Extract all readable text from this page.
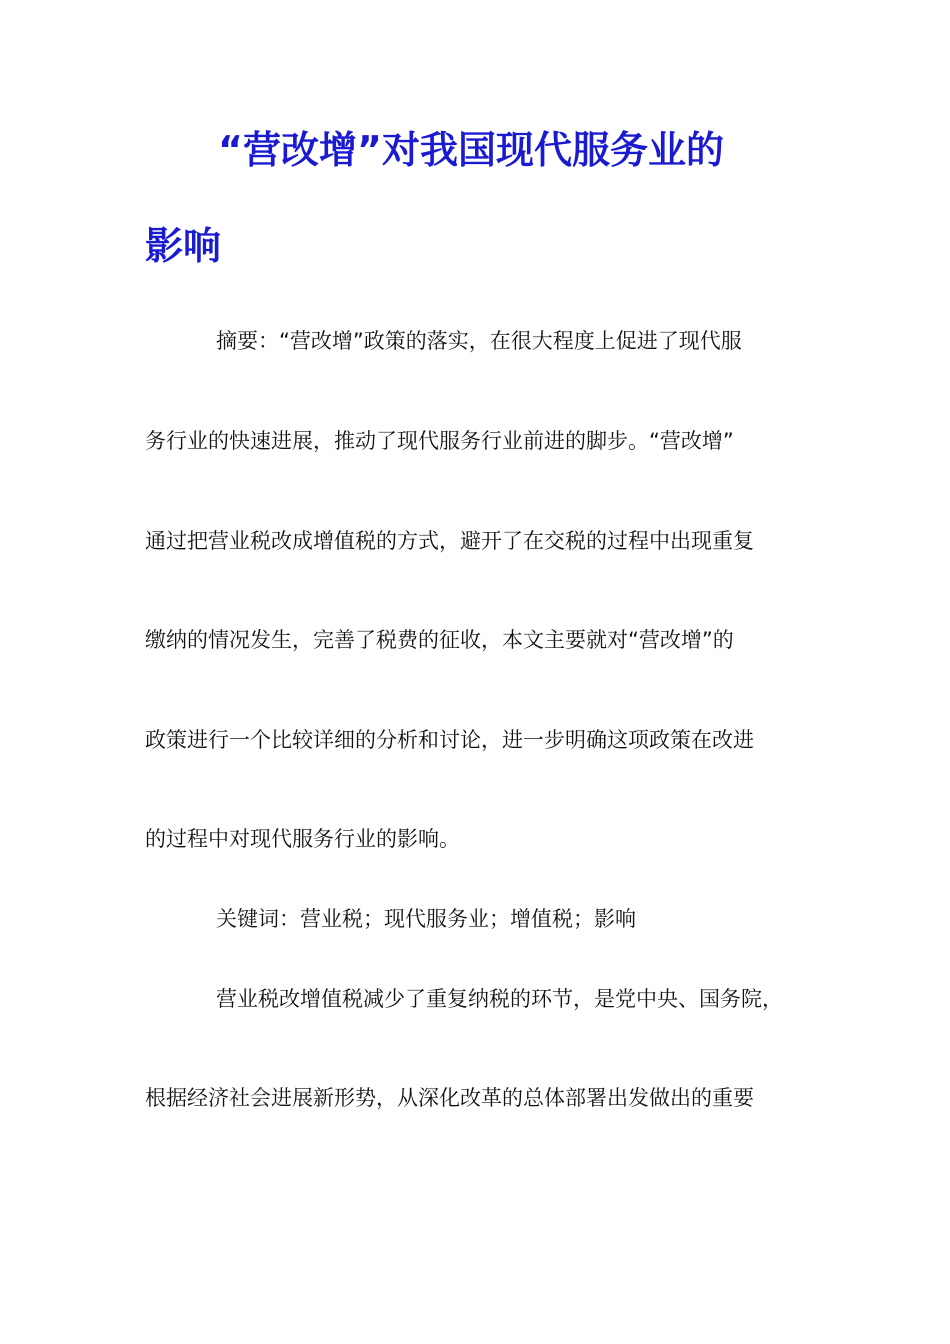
“营改增”对我国现代服务业的
影响

摘要：“营改增”政策的落实，在很大程度上促进了现代服

务行业的快速进展，推动了现代服务行业前进的脚步。“营改增”

通过把营业税改成增值税的方式，避开了在交税的过程中出现重复

缴纳的情况发生，完善了税费的征收，本文主要就对“营改增”的

政策进行一个比较详细的分析和讨论，进一步明确这项政策在改进

的过程中对现代服务行业的影响。

关键词：营业税；现代服务业；增值税；影响

营业税改增值税减少了重复纳税的环节，是党中央、国务院，

根据经济社会进展新形势，从深化改革的总体部署出发做出的重要
